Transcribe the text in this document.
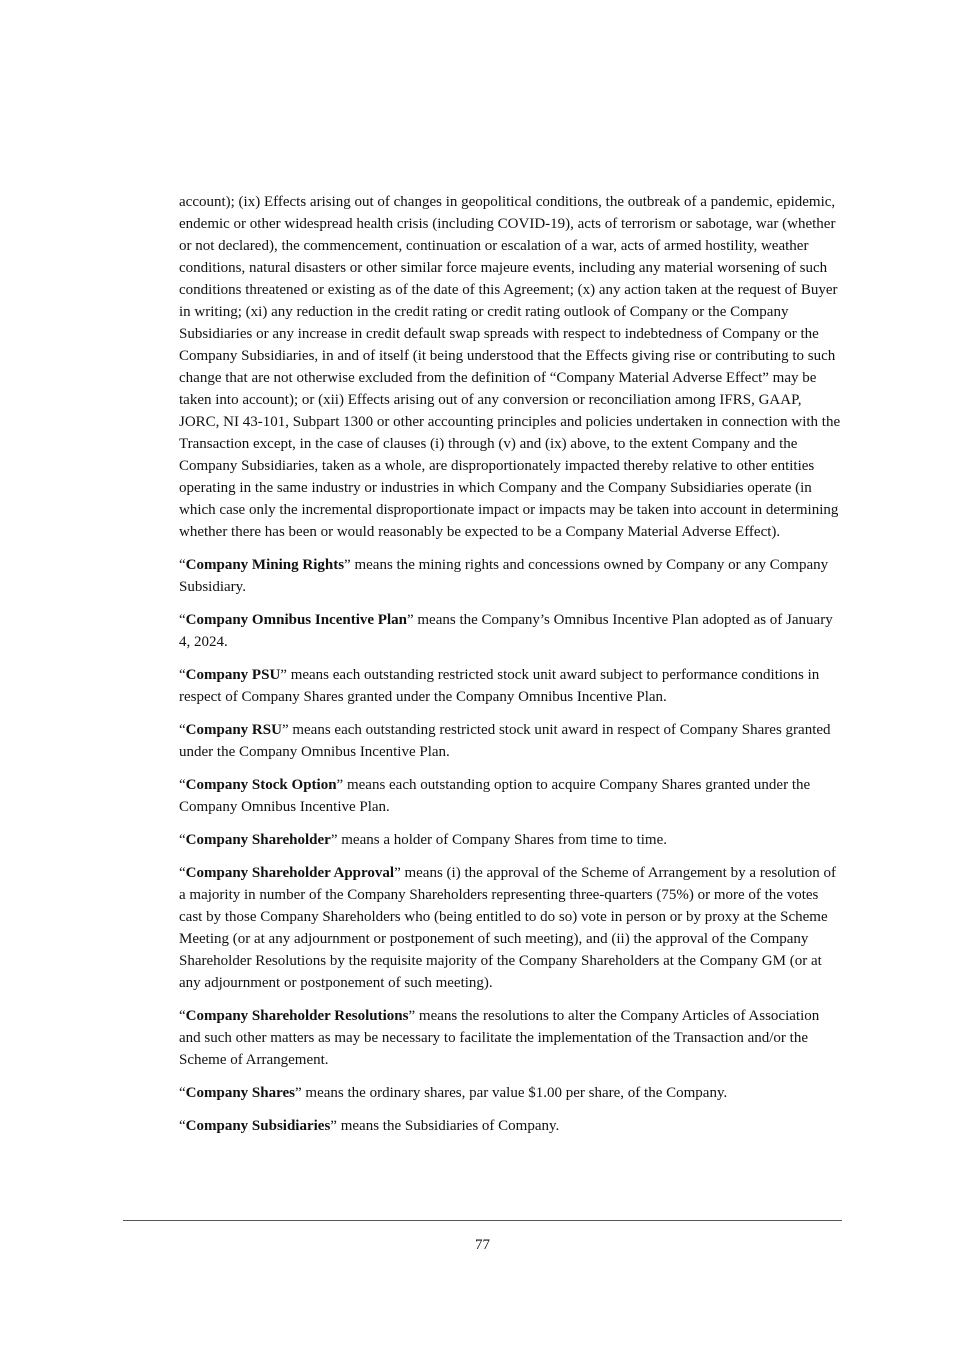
account); (ix) Effects arising out of changes in geopolitical conditions, the outbreak of a pandemic, epidemic, endemic or other widespread health crisis (including COVID-19), acts of terrorism or sabotage, war (whether or not declared), the commencement, continuation or escalation of a war, acts of armed hostility, weather conditions, natural disasters or other similar force majeure events, including any material worsening of such conditions threatened or existing as of the date of this Agreement; (x) any action taken at the request of Buyer in writing; (xi) any reduction in the credit rating or credit rating outlook of Company or the Company Subsidiaries or any increase in credit default swap spreads with respect to indebtedness of Company or the Company Subsidiaries, in and of itself (it being understood that the Effects giving rise or contributing to such change that are not otherwise excluded from the definition of “Company Material Adverse Effect” may be taken into account); or (xii) Effects arising out of any conversion or reconciliation among IFRS, GAAP, JORC, NI 43-101, Subpart 1300 or other accounting principles and policies undertaken in connection with the Transaction except, in the case of clauses (i) through (v) and (ix) above, to the extent Company and the Company Subsidiaries, taken as a whole, are disproportionately impacted thereby relative to other entities operating in the same industry or industries in which Company and the Company Subsidiaries operate (in which case only the incremental disproportionate impact or impacts may be taken into account in determining whether there has been or would reasonably be expected to be a Company Material Adverse Effect).

“Company Mining Rights” means the mining rights and concessions owned by Company or any Company Subsidiary.

“Company Omnibus Incentive Plan” means the Company’s Omnibus Incentive Plan adopted as of January 4, 2024.

“Company PSU” means each outstanding restricted stock unit award subject to performance conditions in respect of Company Shares granted under the Company Omnibus Incentive Plan.

“Company RSU” means each outstanding restricted stock unit award in respect of Company Shares granted under the Company Omnibus Incentive Plan.

“Company Stock Option” means each outstanding option to acquire Company Shares granted under the Company Omnibus Incentive Plan.

“Company Shareholder” means a holder of Company Shares from time to time.

“Company Shareholder Approval” means (i) the approval of the Scheme of Arrangement by a resolution of a majority in number of the Company Shareholders representing three-quarters (75%) or more of the votes cast by those Company Shareholders who (being entitled to do so) vote in person or by proxy at the Scheme Meeting (or at any adjournment or postponement of such meeting), and (ii) the approval of the Company Shareholder Resolutions by the requisite majority of the Company Shareholders at the Company GM (or at any adjournment or postponement of such meeting).

“Company Shareholder Resolutions” means the resolutions to alter the Company Articles of Association and such other matters as may be necessary to facilitate the implementation of the Transaction and/or the Scheme of Arrangement.

“Company Shares” means the ordinary shares, par value $1.00 per share, of the Company.

“Company Subsidiaries” means the Subsidiaries of Company.

77
